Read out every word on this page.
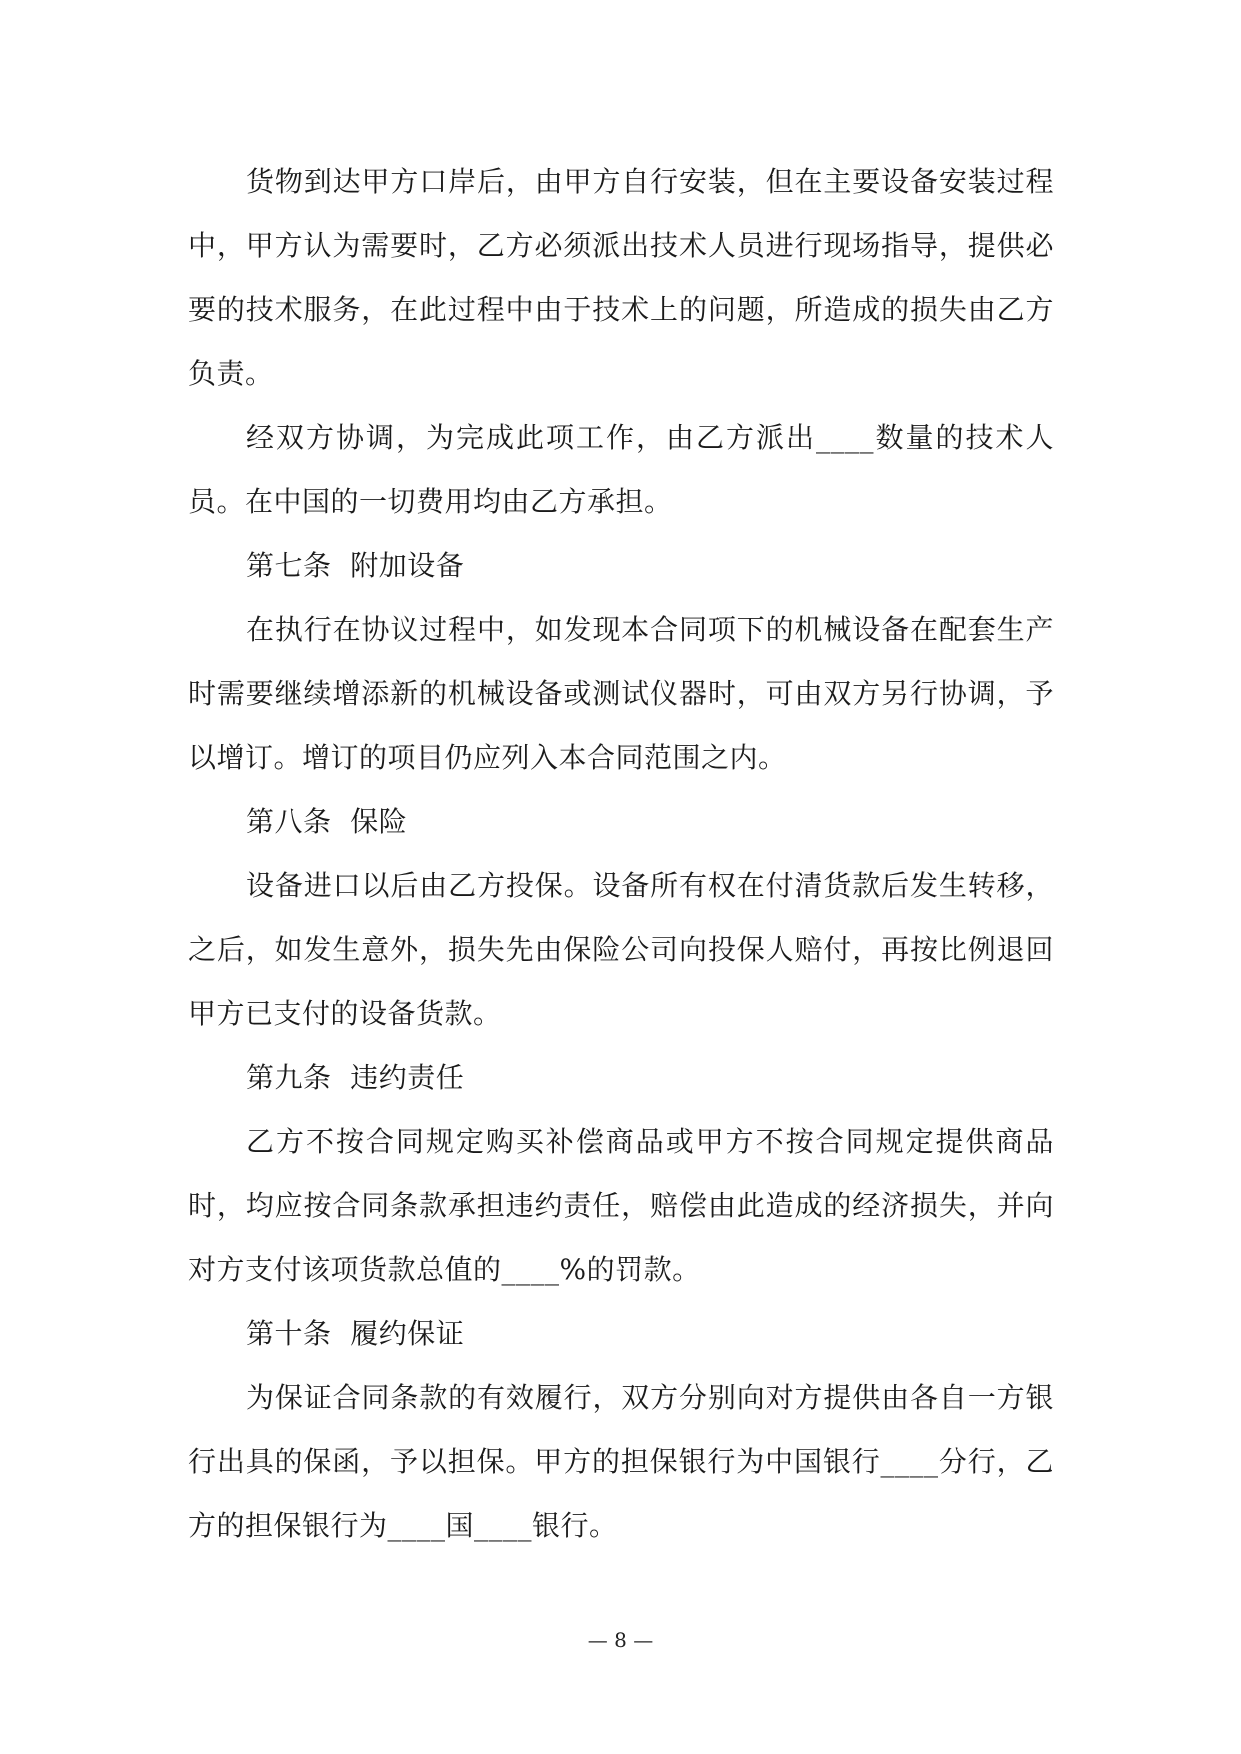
货物到达甲方口岸后，由甲方自行安装，但在主要设备安装过程中，甲方认为需要时，乙方必须派出技术人员进行现场指导，提供必要的技术服务，在此过程中由于技术上的问题，所造成的损失由乙方负责。

经双方协调，为完成此项工作，由乙方派出____数量的技术人员。在中国的一切费用均由乙方承担。

第七条  附加设备

在执行在协议过程中，如发现本合同项下的机械设备在配套生产时需要继续增添新的机械设备或测试仪器时，可由双方另行协调，予以增订。增订的项目仍应列入本合同范围之内。

第八条  保险

设备进口以后由乙方投保。设备所有权在付清货款后发生转移，之后，如发生意外，损失先由保险公司向投保人赔付，再按比例退回甲方已支付的设备货款。

第九条  违约责任

乙方不按合同规定购买补偿商品或甲方不按合同规定提供商品时，均应按合同条款承担违约责任，赔偿由此造成的经济损失，并向对方支付该项货款总值的____%的罚款。

第十条  履约保证

为保证合同条款的有效履行，双方分别向对方提供由各自一方银行出具的保函，予以担保。甲方的担保银行为中国银行____分行，乙方的担保银行为____国____银行。

— 8 —
